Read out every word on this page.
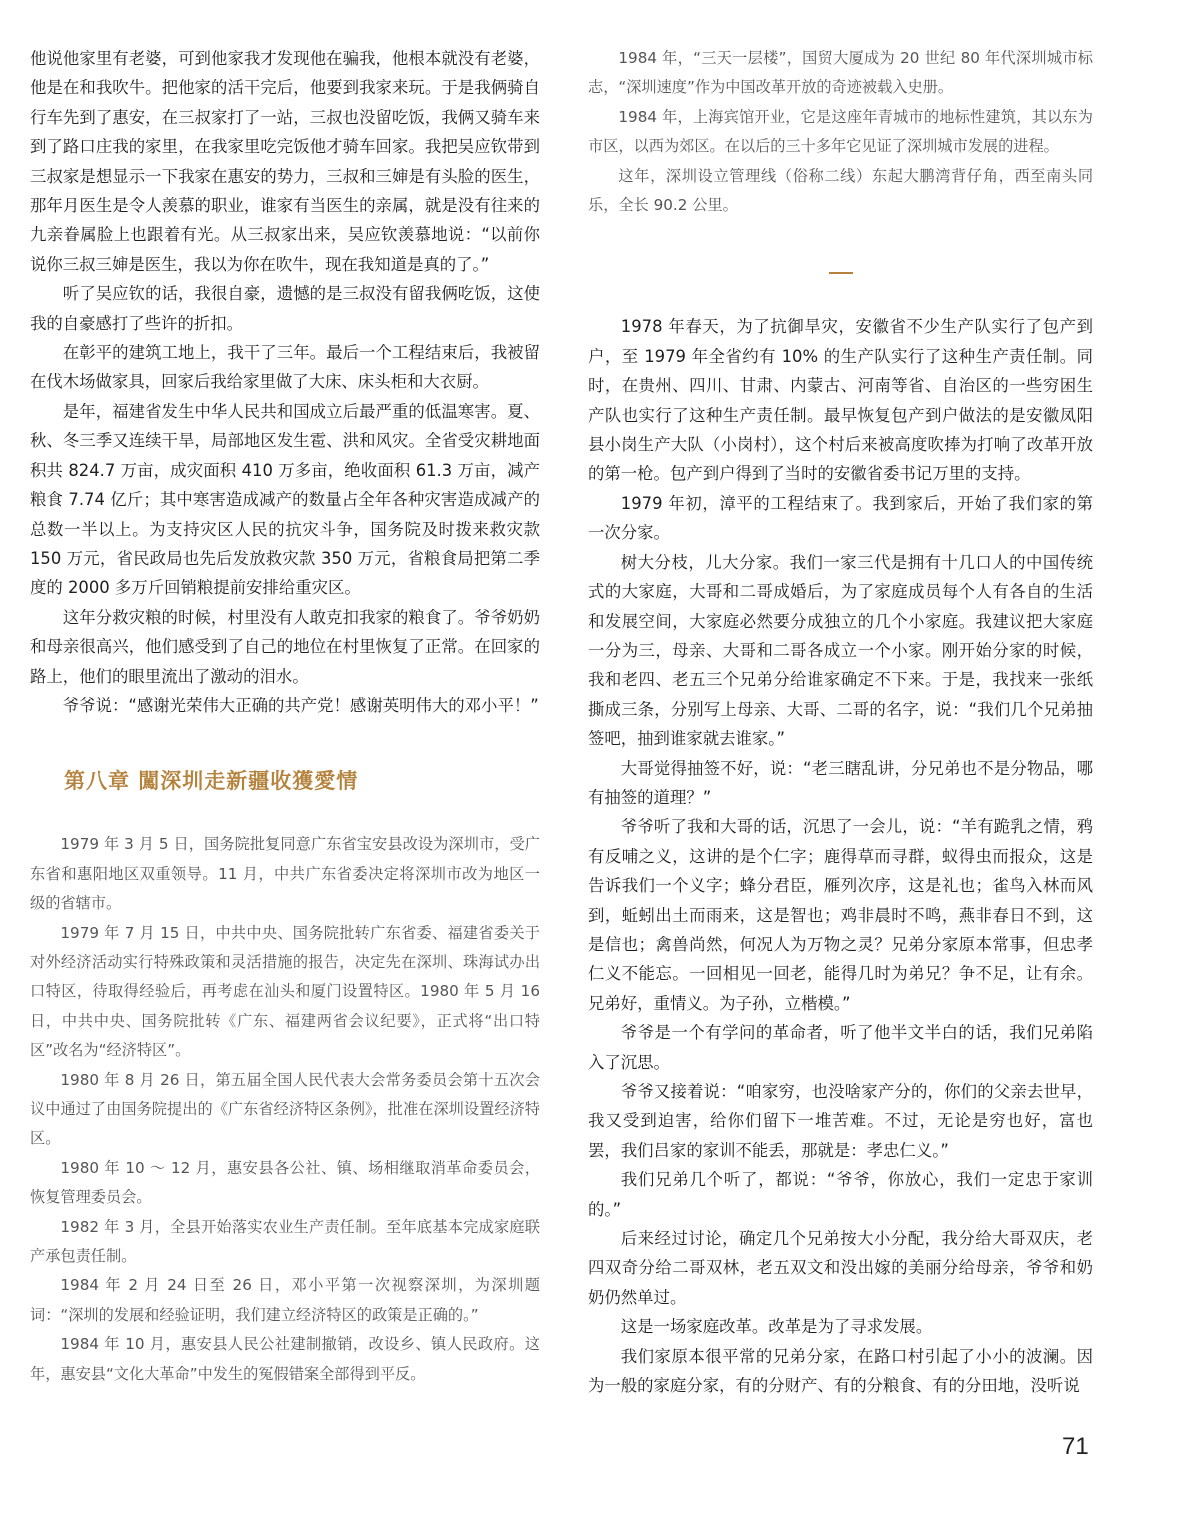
他说他家里有老婆，可到他家我才发现他在骗我，他根本就没有老婆，他是在和我吹牛。把他家的活干完后，他要到我家来玩。于是我俩骑自行车先到了惠安，在三叔家打了一站，三叔也没留吃饭，我俩又骑车来到了路口庄我的家里，在我家里吃完饭他才骑车回家。我把吴应钦带到三叔家是想显示一下我家在惠安的势力，三叔和三婶是有头脸的医生，那年月医生是令人羡慕的职业，谁家有当医生的亲属，就是没有往来的九亲眷属脸上也跟着有光。从三叔家出来，吴应钦羡慕地说：“以前你说你三叔三婶是医生，我以为你在吹牛，现在我知道是真的了。”

听了吴应钦的话，我很自豪，遗憾的是三叔没有留我俩吃饭，这使我的自豪感打了些许的折扣。

在彰平的建筑工地上，我干了三年。最后一个工程结束后，我被留在伐木场做家具，回家后我给家里做了大床、床头柜和大衣厨。

是年，福建省发生中华人民共和国成立后最严重的低温寒害。夏、秋、冬三季又连续干旱，局部地区发生雹、洪和风灾。全省受灾耕地面积共 824.7 万亩，成灾面积 410 万多亩，绝收面积 61.3 万亩，减产粮食 7.74 亿斤；其中寒害造成减产的数量占全年各种灾害造成减产的总数一半以上。为支持灾区人民的抗灾斗争，国务院及时拨来救灾款 150 万元，省民政局也先后发放救灾款 350 万元，省粮食局把第二季度的 2000 多万斤回销粮提前安排给重灾区。

这年分救灾粮的时候，村里没有人敢克扣我家的粮食了。爷爷奶奶和母亲很高兴，他们感受到了自己的地位在村里恢复了正常。在回家的路上，他们的眼里流出了激动的泪水。

爷爷说：“感谢光荣伟大正确的共产党！感谢英明伟大的邓小平！”

第八章 闖深圳走新疆收獲愛情

1979 年 3 月 5 日，国务院批复同意广东省宝安县改设为深圳市，受广东省和惠阳地区双重领导。11 月，中共广东省委决定将深圳市改为地区一级的省辖市。

1979 年 7 月 15 日，中共中央、国务院批转广东省委、福建省委关于对外经济活动实行特殊政策和灵活措施的报告，决定先在深圳、珠海试办出口特区，待取得经验后，再考虑在汕头和厦门设置特区。1980 年 5 月 16 日，中共中央、国务院批转《广东、福建两省会议纪要》，正式将“出口特区”改名为“经济特区”。

1980 年 8 月 26 日，第五届全国人民代表大会常务委员会第十五次会议中通过了由国务院提出的《广东省经济特区条例》，批准在深圳设置经济特区。

1980 年 10 ～ 12 月，惠安县各公社、镇、场相继取消革命委员会，恢复管理委员会。

1982 年 3 月，全县开始落实农业生产责任制。至年底基本完成家庭联产承包责任制。

1984 年 2 月 24 日至 26 日，邓小平第一次视察深圳，为深圳题词：“深圳的发展和经验证明，我们建立经济特区的政策是正确的。”

1984 年 10 月，惠安县人民公社建制撤销，改设乡、镇人民政府。这年，惠安县“文化大革命”中发生的冤假错案全部得到平反。

1984 年，“三天一层楼”，国贸大厦成为 20 世纪 80 年代深圳城市标志，“深圳速度”作为中国改革开放的奇迹被载入史册。

1984 年，上海宾馆开业，它是这座年青城市的地标性建筑，其以东为市区，以西为郊区。在以后的三十多年它见证了深圳城市发展的进程。

这年，深圳设立管理线（俗称二线）东起大鹏湾背仔角，西至南头同乐，全长 90.2 公里。

1978 年春天，为了抗御旱灾，安徽省不少生产队实行了包产到户，至 1979 年全省约有 10% 的生产队实行了这种生产责任制。同时，在贵州、四川、甘肃、内蒙古、河南等省、自治区的一些穷困生产队也实行了这种生产责任制。最早恢复包产到户做法的是安徽凤阳县小岗生产大队（小岗村），这个村后来被高度吹捧为打响了改革开放的第一枪。包产到户得到了当时的安徽省委书记万里的支持。

1979 年初，漳平的工程结束了。我到家后，开始了我们家的第一次分家。

树大分枝，儿大分家。我们一家三代是拥有十几口人的中国传统式的大家庭，大哥和二哥成婚后，为了家庭成员每个人有各自的生活和发展空间，大家庭必然要分成独立的几个小家庭。我建议把大家庭一分为三，母亲、大哥和二哥各成立一个小家。刚开始分家的时候，我和老四、老五三个兄弟分给谁家确定不下来。于是，我找来一张纸撕成三条，分别写上母亲、大哥、二哥的名字，说：“我们几个兄弟抽签吧，抽到谁家就去谁家。”

大哥觉得抽签不好，说：“老三瞎乱讲，分兄弟也不是分物品，哪有抽签的道理？”

爷爷听了我和大哥的话，沉思了一会儿，说：“羊有跪乳之情，鸦有反哺之义，这讲的是个仁字；鹿得草而寻群，蚁得虫而报众，这是告诉我们一个义字；蜂分君臣，雁列次序，这是礼也；雀鸟入林而风到，蚯蚓出土而雨来，这是智也；鸡非晨时不鸣，燕非春日不到，这是信也；禽兽尚然，何况人为万物之灵？兄弟分家原本常事，但忠孝仁义不能忘。一回相见一回老，能得几时为弟兄？争不足，让有余。兄弟好，重情义。为子孙，立楷模。”

爷爷是一个有学问的革命者，听了他半文半白的话，我们兄弟陷入了沉思。

爷爷又接着说：“咱家穷，也没啥家产分的，你们的父亲去世早，我又受到迫害，给你们留下一堆苦难。不过，无论是穷也好，富也罢，我们吕家的家训不能丢，那就是：孝忠仁义。”

我们兄弟几个听了，都说：“爷爷，你放心，我们一定忠于家训的。”

后来经过讨论，确定几个兄弟按大小分配，我分给大哥双庆，老四双奇分给二哥双林，老五双文和没出嫁的美丽分给母亲，爷爷和奶奶仍然单过。

这是一场家庭改革。改革是为了寻求发展。

我们家原本很平常的兄弟分家，在路口村引起了小小的波澜。因为一般的家庭分家，有的分财产、有的分粮食、有的分田地，没听说

71
